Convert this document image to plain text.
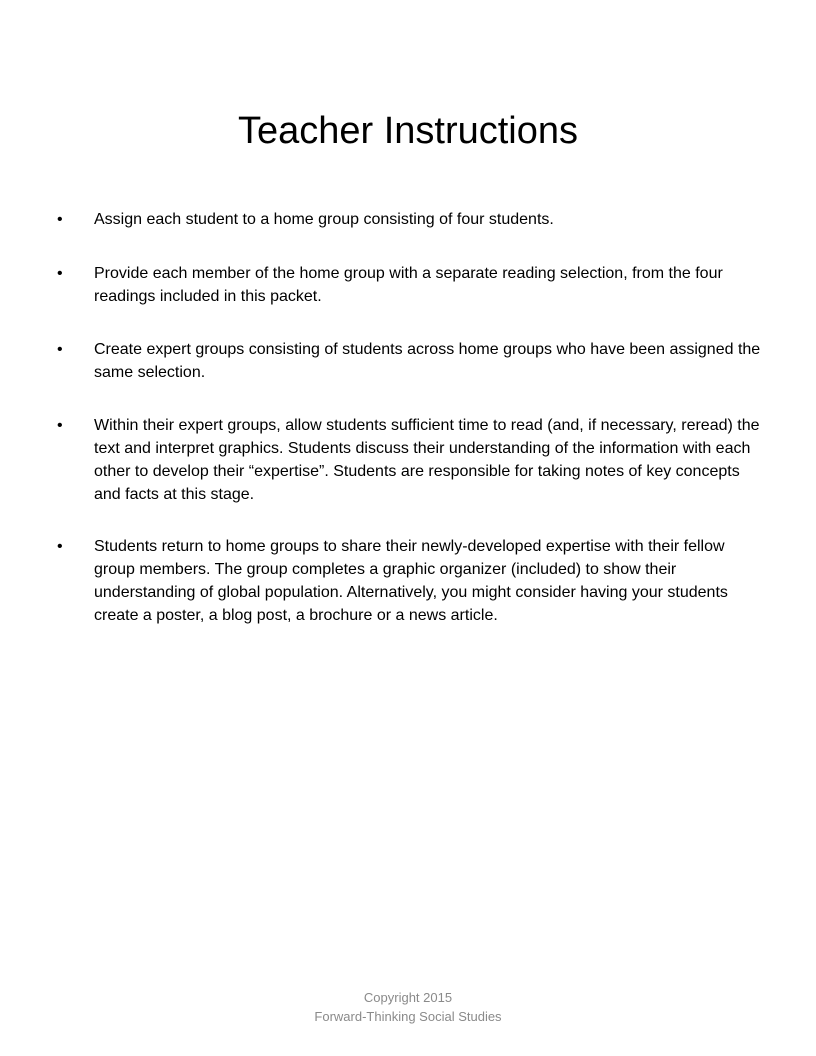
Teacher Instructions
• Assign each student to a home group consisting of four students.

• Provide each member of the home group with a separate reading selection, from the four readings included in this packet.

• Create expert groups consisting of students across home groups who have been assigned the same selection.

• Within their expert groups, allow students sufficient time to read (and, if necessary, reread) the text and interpret graphics. Students discuss their understanding of the information with each other to develop their “expertise”. Students are responsible for taking notes of key concepts and facts at this stage.

• Students return to home groups to share their newly-developed expertise with their fellow group members. The group completes a graphic organizer (included) to show their understanding of global population. Alternatively, you might consider having your students create a poster, a blog post, a brochure or a news article.

Copyright 2015
Forward-Thinking Social Studies
